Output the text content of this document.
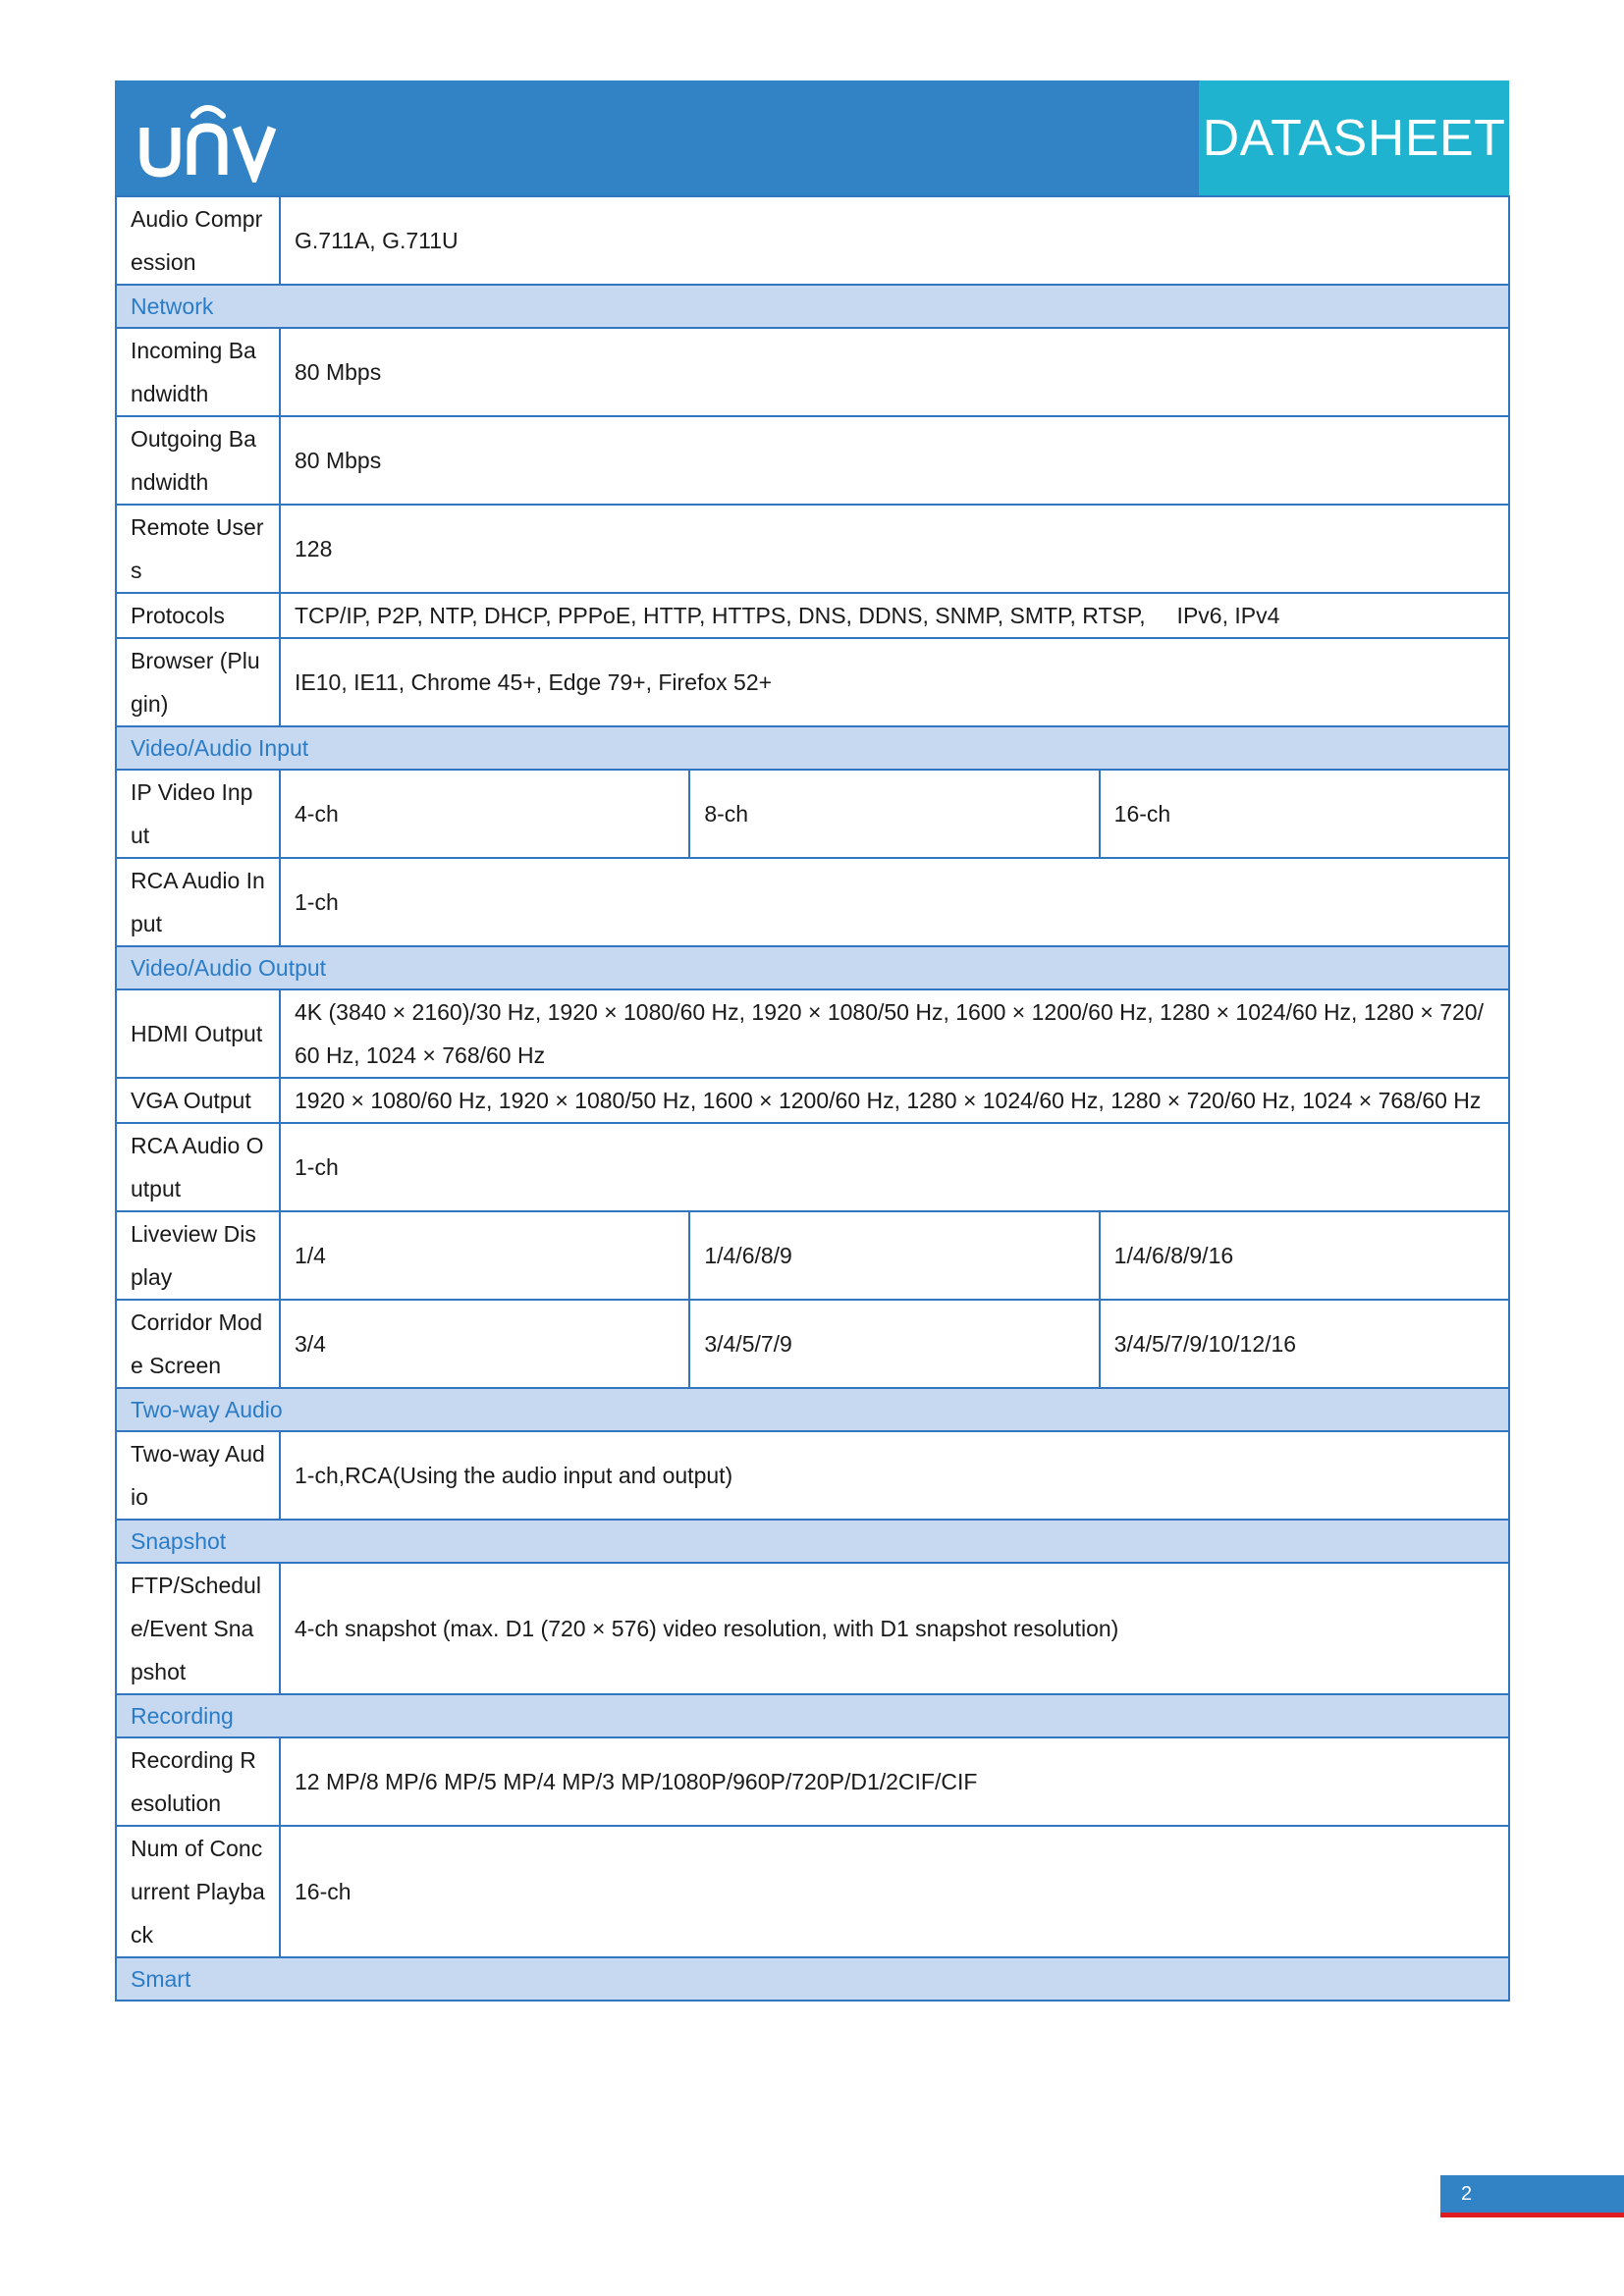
DATASHEET
Audio Compression	G.711A, G.711U		
Network			
Incoming Bandwidth	80 Mbps		
Outgoing Bandwidth	80 Mbps		
Remote Users	128		
Protocols	TCP/IP, P2P, NTP, DHCP, PPPoE, HTTP, HTTPS, DNS, DDNS, SNMP, SMTP, RTSP,     IPv6, IPv4		
Browser (Plugin)	IE10, IE11, Chrome 45+, Edge 79+, Firefox 52+		
Video/Audio Input			
IP Video Input	4-ch	8-ch	16-ch
RCA Audio Input	1-ch		
Video/Audio Output			
HDMI Output	4K (3840 × 2160)/30 Hz, 1920 × 1080/60 Hz, 1920 × 1080/50 Hz, 1600 × 1200/60 Hz, 1280 × 1024/60 Hz, 1280 × 720/60 Hz, 1024 × 768/60 Hz		
VGA Output	1920 × 1080/60 Hz, 1920 × 1080/50 Hz, 1600 × 1200/60 Hz, 1280 × 1024/60 Hz, 1280 × 720/60 Hz, 1024 × 768/60 Hz		
RCA Audio Output	1-ch		
Liveview Display	1/4	1/4/6/8/9	1/4/6/8/9/16
Corridor Mode Screen	3/4	3/4/5/7/9	3/4/5/7/9/10/12/16
Two-way Audio			
Two-way Audio	1-ch,RCA(Using the audio input and output)		
Snapshot			
FTP/Schedule/Event Snapshot	4-ch snapshot (max. D1 (720 × 576) video resolution, with D1 snapshot resolution)		
Recording			
Recording Resolution	12 MP/8 MP/6 MP/5 MP/4 MP/3 MP/1080P/960P/720P/D1/2CIF/CIF		
Num of Concurrent Playback	16-ch		
Smart			
2
